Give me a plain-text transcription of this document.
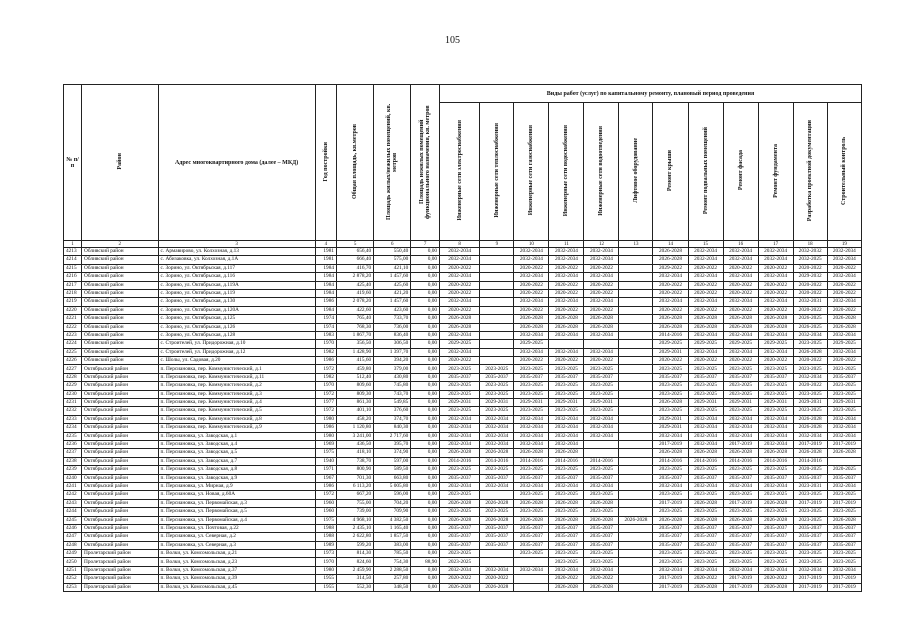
105
№ п/п	Район	Адрес многоквартирного дома (далее – МКД)	Год постройки	Общая площадь, кв.метров	Площадь жилых/нежилых помещений, кв. метров	Площадь нежилых помещений функционального назначения, кв. метров	Виды работ (услуг) по капитальному ремонту, плановый период проведения											
							Инженерные сети электроснабжения	Инженерные сети теплоснабжения	Инженерные сети газоснабжения	Инженерные сети водоснабжения	Инженерные сети водоотведения	Лифтовое оборудование	Ремонт крыши	Ремонт подвальных помещений	Ремонт фасада	Ремонт фундамента	Разработка проектной документации	Строительный контроль
1	2	3	4	5	6	7	8	9	10	11	12	13	14	15	16	17	18	19
4213	Обливский район	с. Армавирово, ул. Колхозная, д.13	1981	656,40	550,40	0,00	2032-2034		2032-2034	2032-2034	2032-2034		2026-2028	2032-2034	2032-2034	2032-2034	2032-2032	2032-2034
4214	Обливский район	с. Абизаковка, ул. Колхозная, д.1А	1981	666,40	575,00	0,00	2032-2034		2032-2034	2032-2034	2032-2034		2026-2028	2032-2034	2032-2034	2032-2034	2032-2025	2032-2034
4215	Обливский район	с. Зорино, ул. Октябрьская, д.117	1984	416,70	421,10	0,00	2020-2022		2020-2022	2020-2022	2020-2022		2029-2022	2020-2022	2020-2022	2020-2022	2020-2022	2020-2022
4216	Обливский район	с. Зорино, ул. Октябрьская, д.116	1984	2 878,20	1 457,60	0,00	2032-2034		2032-2034	2032-2034	2032-2034		2032-2034	2032-2034	2032-2034	2032-2034	2029-2032	2032-2034
4217	Обливский район	с. Зорино, ул. Октябрьская, д.119А	1984	425,40	425,60	0,00	2020-2022		2020-2022	2020-2022	2020-2022		2020-2022	2020-2022	2020-2022	2020-2022	2020-2022	2020-2022
4218	Обливский район	с. Зорино, ул. Октябрьская, д.119	1984	419,60	421,20	0,00	2020-2022		2020-2022	2020-2022	2020-2022		2020-2022	2020-2022	2020-2022	2020-2022	2020-2022	2020-2022
4219	Обливский район	с. Зорино, ул. Октябрьская, д.130	1986	2 078,20	1 457,60	0,00	2032-2034		2032-2034	2032-2034	2032-2034		2032-2034	2032-2034	2032-2034	2032-2034	2032-2031	2032-2034
4220	Обливский район	с. Зорино, ул. Октябрьская, д.120А	1984	422,60	423,60	0,00	2020-2022		2020-2022	2020-2022	2020-2022		2020-2022	2020-2022	2020-2022	2020-2022	2020-2022	2020-2022
4221	Обливский район	с. Зорино, ул. Октябрьская, д.125	1974	765,40	733,70	0,00	2026-2028		2026-2028	2026-2028	2026-2028		2026-2028	2026-2028	2026-2028	2026-2028	2026-2025	2026-2028
4222	Обливский район	с. Зорино, ул. Октябрьская, д.126	1974	768,30	736,00	0,00	2026-2028		2026-2028	2026-2028	2026-2028		2026-2028	2026-2028	2026-2028	2026-2028	2026-2025	2026-2028
4223	Обливский район	с. Зорино, ул. Октябрьская, д.128	1983	1 867,70	836,40	0,00	2032-2034		2032-2034	2032-2034	2032-2034		2014-2016	2032-2034	2032-2034	2032-2034	2032-2034	2032-2034
4224	Обливский район	с. Строителей, ул. Придорожная, д.10	1970	356,50	306,50	0,00	2029-2025		2029-2025				2029-2025	2029-2025	2029-2025	2029-2025	2023-2025	2029-2025
4225	Обливский район	с. Строителей, ул. Придорожная, д.12	1982	1 428,90	1 397,70	0,00	2032-2034		2032-2034	2032-2034	2032-2034		2029-2031	2032-2034	2032-2034	2032-2034	2026-2028	2032-2034
4226	Обливский район	с. Шолы, ул. Садовая, д.20	1986	415,60	394,20	0,00	2020-2022		2020-2022	2020-2022	2020-2022		2020-2022	2020-2022	2020-2022	2020-2022	2020-2022	2020-2022
4227	Октябрьский район	п. Персиановка, пер. Коммунистический, д.1	1972	459,80	379,00	0,00	2023-2025	2023-2025	2023-2025	2023-2025	2023-2025		2023-2025	2023-2025	2023-2025	2023-2025	2023-2025	2023-2025
4228	Октябрьский район	п. Персиановка, пер. Коммунистический, д.11	1982	512,40	430,80	0,00	2035-2037	2035-2037	2035-2037	2035-2037	2035-2037		2035-2037	2035-2037	2035-2037	2035-2037	2032-2034	2035-2037
4229	Октябрьский район	п. Персиановка, пер. Коммунистический, д.2	1970	809,60	745,80	0,00	2023-2025	2023-2025	2023-2025	2023-2025	2023-2025		2023-2025	2023-2025	2023-2025	2023-2025	2020-2022	2023-2025
4230	Октябрьский район	п. Персиановка, пер. Коммунистический, д.3	1972	809,30	743,70	0,00	2023-2025	2023-2025	2023-2025	2023-2025	2023-2025		2023-2025	2023-2025	2023-2025	2023-2025	2023-2025	2023-2025
4231	Октябрьский район	п. Персиановка, пер. Коммунистический, д.4	1977	861,30	549,85	0,00	2029-2031	2029-2031	2029-2031	2029-2031	2029-2031		2026-2028	2029-2031	2029-2031	2029-2031	2029-2031	2029-2031
4232	Октябрьский район	п. Персиановка, пер. Коммунистический, д.5	1972	401,10	376,60	0,00	2023-2025	2023-2025	2023-2025	2023-2025	2023-2025		2023-2025	2023-2025	2023-2025	2023-2025	2023-2025	2023-2025
4233	Октябрьский район	п. Персиановка, пер. Коммунистический, д.8	1980	458,20	374,70	0,00	2032-2034	2032-2034	2032-2034	2032-2034	2032-2034		2029-2031	2032-2034	2032-2034	2032-2034	2026-2028	2032-2034
4234	Октябрьский район	п. Персиановка, пер. Коммунистический, д.9	1986	1 120,80	840,30	0,00	2032-2034	2032-2034	2032-2034	2032-2034	2032-2034		2029-2031	2032-2034	2032-2034	2032-2034	2026-2028	2032-2034
4235	Октябрьский район	п. Персиановка, ул. Заводская, д.1	1980	3 241,00	2 717,60	0,00	2032-2034	2032-2034	2032-2034	2032-2034	2032-2034		2032-2034	2032-2034	2032-2034	2032-2034	2032-2034	2032-2034
4236	Октябрьский район	п. Персиановка, ул. Заводская, д.4	1969	436,50	395,70	0,00	2032-2034	2032-2034	2032-2034	2032-2034			2017-2019	2032-2034	2017-2019	2032-2034	2017-2019	2017-2019
4237	Октябрьский район	п. Персиановка, ул. Заводская, д.5	1975	418,10	374,90	0,00	2026-2028	2026-2028	2026-2028	2026-2028			2026-2028	2026-2028	2026-2028	2026-2028	2026-2028	2026-2028
4238	Октябрьский район	п. Персиановка, ул. Заводская, д.7	1940	738,70	597,00	0,00	2014-2016	2014-2016	2014-2016	2014-2016	2014-2016		2014-2016	2014-2016	2014-2016	2014-2016	2014-2016	
4239	Октябрьский район	п. Персиановка, ул. Заводская, д.8	1971	800,90	589,50	0,00	2023-2025	2023-2025	2023-2025	2023-2025	2023-2025		2023-2025	2023-2025	2023-2025	2023-2025	2020-2025	2020-2025
4240	Октябрьский район	п. Персиановка, ул. Заводская, д.9	1967	701,30	663,80	0,00	2035-2037	2035-2037	2035-2037	2035-2037	2035-2037		2035-2037	2035-2037	2035-2037	2035-2037	2035-2037	2035-2037
4241	Октябрьский район	п. Персиановка, ул. Мирная, д.9	1986	6 113,20	5 005,80	0,00	2032-2034	2032-2034	2032-2034	2032-2034	2032-2034		2032-2034	2032-2034	2032-2034	2032-2034	2023-2031	2032-2034
4242	Октябрьский район	п. Персиановка, ул. Новая, д.60А	1972	667,20	596,00	0,00	2023-2025		2023-2025	2023-2025	2023-2025		2023-2025	2023-2025	2023-2025	2023-2025	2023-2025	2023-2025
4243	Октябрьский район	п. Персиановка, ул. Первомайская, д.3	1960	755,00	704,20	0,00	2026-2028	2026-2028	2026-2028	2026-2028	2026-2028		2017-2019	2026-2028	2017-2019	2026-2028	2017-2019	2017-2019
4244	Октябрьский район	п. Персиановка, ул. Первомайская, д.5	1960	739,00	709,90	0,00	2023-2025	2023-2025	2023-2025	2023-2025	2023-2025		2023-2025	2023-2025	2023-2025	2023-2025	2023-2025	2023-2025
4245	Октябрьский район	п. Персиановка, ул. Первомайская, д.4	1975	4 968,10	4 382,50	0,00	2026-2028	2026-2028	2026-2028	2026-2028	2026-2028	2026-2028	2026-2028	2026-2028	2026-2028	2026-2028	2023-2025	2026-2028
4246	Октябрьский район	п. Персиановка, ул. Почтовая, д.22	1988	2 435,10	1 165,40	0,00	2035-2037	2035-2037	2035-2037	2035-2037	2035-2037		2035-2037	2035-2037	2035-2037	2035-2037	2035-2037	2035-2037
4247	Октябрьский район	п. Персиановка, ул. Северная, д.2	1988	2 622,80	1 857,50	0,00	2035-2037	2035-2037	2035-2037	2035-2037	2035-2037		2035-2037	2035-2037	2035-2037	2035-2037	2035-2037	2035-2037
4248	Октябрьский район	п. Персиановка, ул. Северная, д.3	1989	599,20	383,00	0,00	2035-2037	2035-2037	2035-2037	2035-2037	2035-2037		2035-2037	2035-2037	2035-2037	2035-2037	2035-2037	2035-2037
4249	Пролетарский район	п. Волки, ул. Комсомольская, д.21	1973	814,30	785,50	0,00	2023-2025		2023-2025	2023-2025	2023-2025		2023-2025	2023-2025	2023-2025	2023-2025	2023-2025	2023-2025
4250	Пролетарский район	п. Волки, ул. Комсомольская, д.23	1970	824,60	754,30	88,90	2023-2025			2023-2025	2023-2025		2023-2025	2023-2025	2023-2025	2023-2025	2023-2025	2023-2025
4251	Пролетарский район	п. Волки, ул. Комсомольская, д.37	1980	2 459,90	2 288,50	0,00	2032-2034	2032-2034	2032-2034	2032-2034	2032-2034		2032-2034	2032-2034	2032-2034	2032-2034	2032-2034	2032-2034
4252	Пролетарский район	п. Волки, ул. Комсомольская, д.39	1955	314,50	257,80	0,00	2020-2022	2020-2022		2020-2022	2020-2022		2017-2019	2020-2022	2017-2019	2020-2022	2017-2019	2017-2019
4253	Пролетарский район	п. Волки, ул. Комсомольская, д.45	1955	552,30	348,50	0,00	2026-2028	2026-2028		2026-2028	2026-2028		2017-2019	2026-2028	2017-2019	2026-2028	2017-2019	2017-2019
